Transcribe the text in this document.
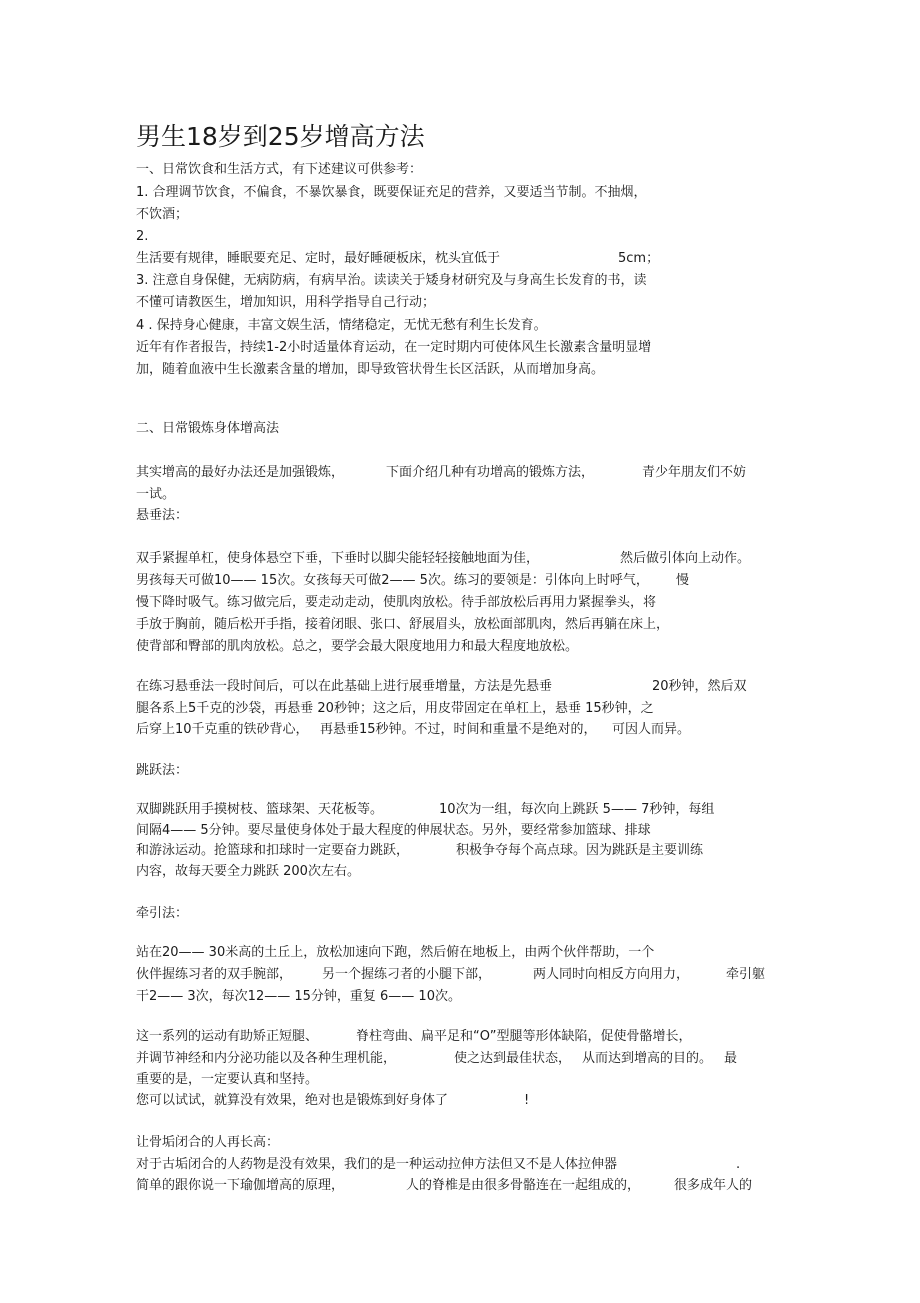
男生18岁到25岁增高方法
一、日常饮食和生活方式，有下述建议可供参考：
1. 合理调节饮食，不偏食，不暴饮暴食，既要保证充足的营养，又要适当节制。不抽烟，
不饮酒；
2.
生活要有规律，睡眠要充足、定时，最好睡硬板床，枕头宜低于	5cm；
3. 注意自身保健，无病防病，有病早治。读读关于矮身材研究及与身高生长发育的书，读
不懂可请教医生，增加知识，用科学指导自己行动；
4 . 保持身心健康，丰富文娱生活，情绪稳定，无忧无愁有利生长发育。
近年有作者报告，持续1-2小时适量体育运动，在一定时期内可使体风生长激素含量明显增
加，随着血液中生长激素含量的增加，即导致管状骨生长区活跃，从而增加身高。
二、日常锻炼身体增高法
其实增高的最好办法还是加强锻炼，	下面介绍几种有功增高的锻炼方法，	青少年朋友们不妨
一试。
悬垂法：
双手紧握单杠，使身体悬空下垂，下垂时以脚尖能轻轻接触地面为佳，	然后做引体向上动作。
男孩每天可做10—— 15次。女孩每天可做2—— 5次。练习的要领是：引体向上时呼气， 慢
慢下降时吸气。练习做完后，要走动走动，使肌肉放松。待手部放松后再用力紧握拳头，将
手放于胸前，随后松开手指，接着闭眼、张口、舒展眉头，放松面部肌肉，然后再躺在床上，
使背部和臀部的肌肉放松。总之，要学会最大限度地用力和最大程度地放松。
在练习悬垂法一段时间后，可以在此基础上进行展垂增量，方法是先悬垂	20秒钟，然后双
腿各系上5千克的沙袋，再悬垂 20秒钟；这之后，用皮带固定在单杠上，悬垂 15秒钟，之
后穿上10千克重的铁砂背心， 再悬垂15秒钟。不过，时间和重量不是绝对的， 可因人而异。
跳跃法：
双脚跳跃用手摸树枝、篮球架、天花板等。	10次为一组，每次向上跳跃 5—— 7秒钟，每组
间隔4—— 5分钟。要尽量使身体处于最大程度的伸展状态。另外，要经常参加篮球、排球
和游泳运动。抢篮球和扣球时一定要奋力跳跃，	积极争夺每个高点球。因为跳跃是主要训练
内容，故每天要全力跳跃 200次左右。
牵引法：
站在20—— 30米高的土丘上，放松加速向下跑，然后俯在地板上，由两个伙伴帮助，一个
伙伴握练习者的双手腕部， 另一个握练刁者的小腿下部，	两人同时向相反方向用力，	牵引躯
干2—— 3次，每次12—— 15分钟，重复 6—— 10次。
这一系列的运动有助矫正短腿、	脊柱弯曲、扁平足和“O”型腿等形体缺陷，促使骨骼增长，
并调节神经和内分泌功能以及各种生理机能，	使之达到最佳状态， 从而达到增高的目的。 最
重要的是，一定要认真和坚持。
您可以试试，就算没有效果，绝对也是锻炼到好身体了	!
让骨垢闭合的人再长高：
对于古垢闭合的人药物是没有效果，我们的是一种运动拉伸方法但又不是人体拉伸器	.
简单的跟你说一下瑜伽增高的原理，	人的脊椎是由很多骨骼连在一起组成的，	很多成年人的
